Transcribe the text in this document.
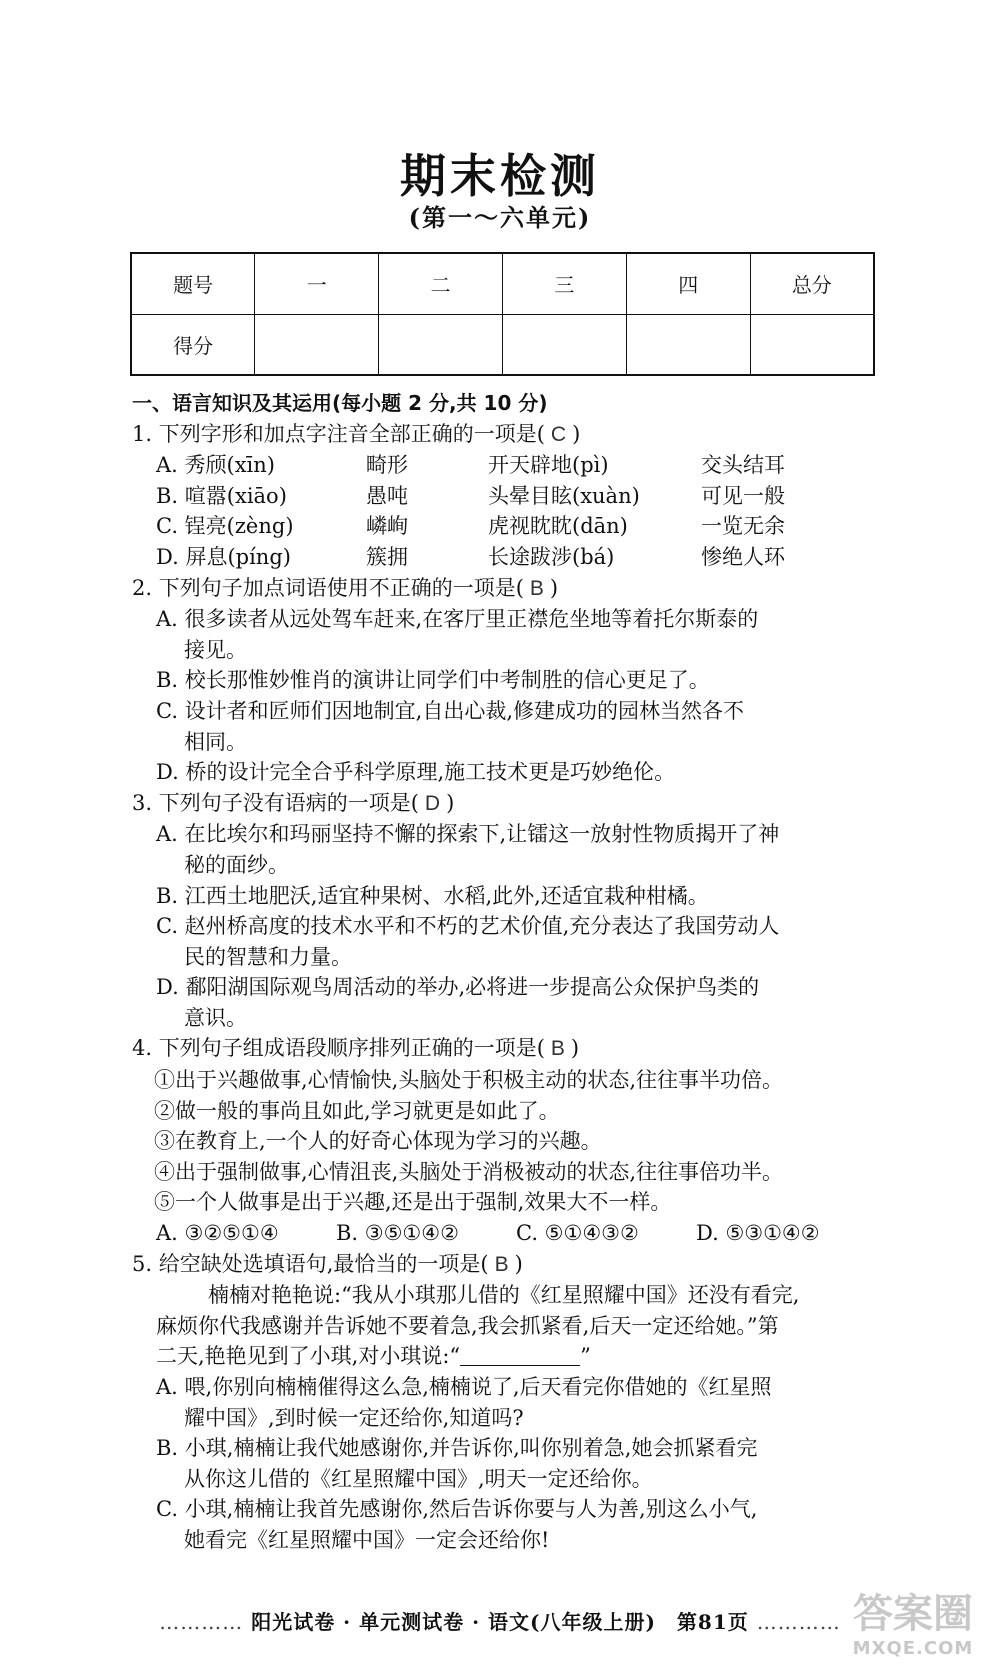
期末检测
(第一～六单元)
题号	一	二	三	四	总分
得分					
一、语言知识及其运用(每小题 2 分,共 10 分)
1. 下列字形和加点字注音全部正确的一项是( C )
A. 秀颀(xīn)	畸形	开天辟地(pì)	交头结耳
B. 喧嚣(xiāo)	愚吨	头晕目眩(xuàn)	可见一般
C. 锃亮(zèng)	嶙峋	虎视眈眈(dān)	一览无余
D. 屏息(píng)	簇拥	长途跋涉(bá)	惨绝人环
2. 下列句子加点词语使用不正确的一项是( B )
A. 很多读者从远处驾车赶来,在客厅里正襟危坐地等着托尔斯泰的
接见。
B. 校长那惟妙惟肖的演讲让同学们中考制胜的信心更足了。
C. 设计者和匠师们因地制宜,自出心裁,修建成功的园林当然各不
相同。
D. 桥的设计完全合乎科学原理,施工技术更是巧妙绝伦。
3. 下列句子没有语病的一项是( D )
A. 在比埃尔和玛丽坚持不懈的探索下,让镭这一放射性物质揭开了神
秘的面纱。
B. 江西土地肥沃,适宜种果树、水稻,此外,还适宜栽种柑橘。
C. 赵州桥高度的技术水平和不朽的艺术价值,充分表达了我国劳动人
民的智慧和力量。
D. 鄱阳湖国际观鸟周活动的举办,必将进一步提高公众保护鸟类的
意识。
4. 下列句子组成语段顺序排列正确的一项是( B )
①出于兴趣做事,心情愉快,头脑处于积极主动的状态,往往事半功倍。
②做一般的事尚且如此,学习就更是如此了。
③在教育上,一个人的好奇心体现为学习的兴趣。
④出于强制做事,心情沮丧,头脑处于消极被动的状态,往往事倍功半。
⑤一个人做事是出于兴趣,还是出于强制,效果大不一样。
A. ③②⑤①④	B. ③⑤①④②	C. ⑤①④③②	D. ⑤③①④②
5. 给空缺处选填语句,最恰当的一项是( B )
楠楠对艳艳说:“我从小琪那儿借的《红星照耀中国》还没有看完,
麻烦你代我感谢并告诉她不要着急,我会抓紧看,后天一定还给她。”第
二天,艳艳见到了小琪,对小琪说:“	”
A. 喂,你别向楠楠催得这么急,楠楠说了,后天看完你借她的《红星照
耀中国》,到时候一定还给你,知道吗?
B. 小琪,楠楠让我代她感谢你,并告诉你,叫你别着急,她会抓紧看完
从你这儿借的《红星照耀中国》,明天一定还给你。
C. 小琪,楠楠让我首先感谢你,然后告诉你要与人为善,别这么小气,
她看完《红星照耀中国》一定会还给你!
………… 阳光试卷 · 单元测试卷 · 语文(八年级上册)　第81页 ………… 答案圈
MXQE.COM
